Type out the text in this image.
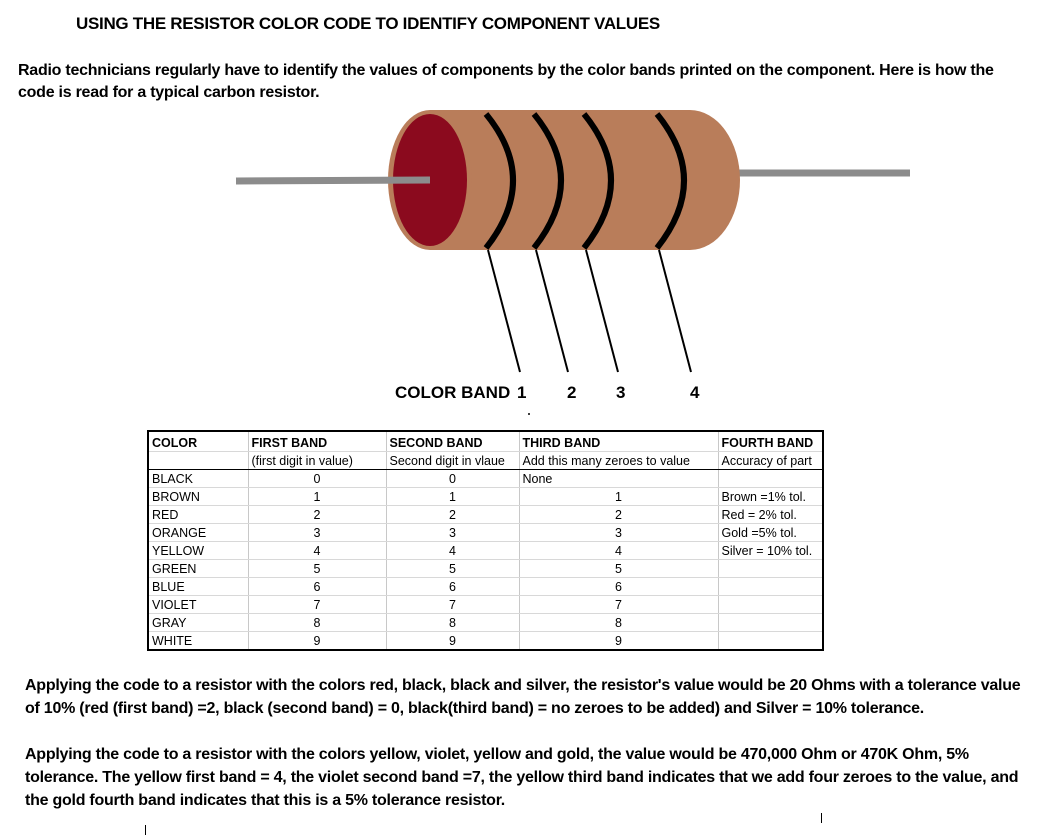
USING THE RESISTOR COLOR CODE TO IDENTIFY COMPONENT VALUES
Radio technicians regularly have to identify the values of components by the color bands printed on the component. Here is how the code is read for a typical carbon resistor.
COLOR BAND 1 2 3	4
COLOR	FIRST BAND	SECOND BAND	THIRD BAND	FOURTH BAND
	(first digit in value)	Second digit in vlaue	Add this many zeroes to value	Accuracy of part
BLACK	0	0	None	
BROWN	1	1	1	Brown =1% tol.
RED	2	2	2	Red = 2% tol.
ORANGE	3	3	3	Gold =5% tol.
YELLOW	4	4	4	Silver = 10% tol.
GREEN	5	5	5	
BLUE	6	6	6	
VIOLET	7	7	7	
GRAY	8	8	8	
WHITE	9	9	9	
Applying the code to a resistor with the colors red, black, black and silver, the resistor's value would be 20 Ohms with a tolerance value of 10% (red (first band) =2, black (second band) = 0, black(third band) = no zeroes to be added) and Silver = 10% tolerance.
Applying the code to a resistor with the colors yellow, violet, yellow and gold, the value would be 470,000 Ohm or 470K Ohm, 5% tolerance. The yellow first band = 4, the violet second band =7, the yellow third band indicates that we add four zeroes to the value, and the gold fourth band indicates that this is a 5% tolerance resistor.
